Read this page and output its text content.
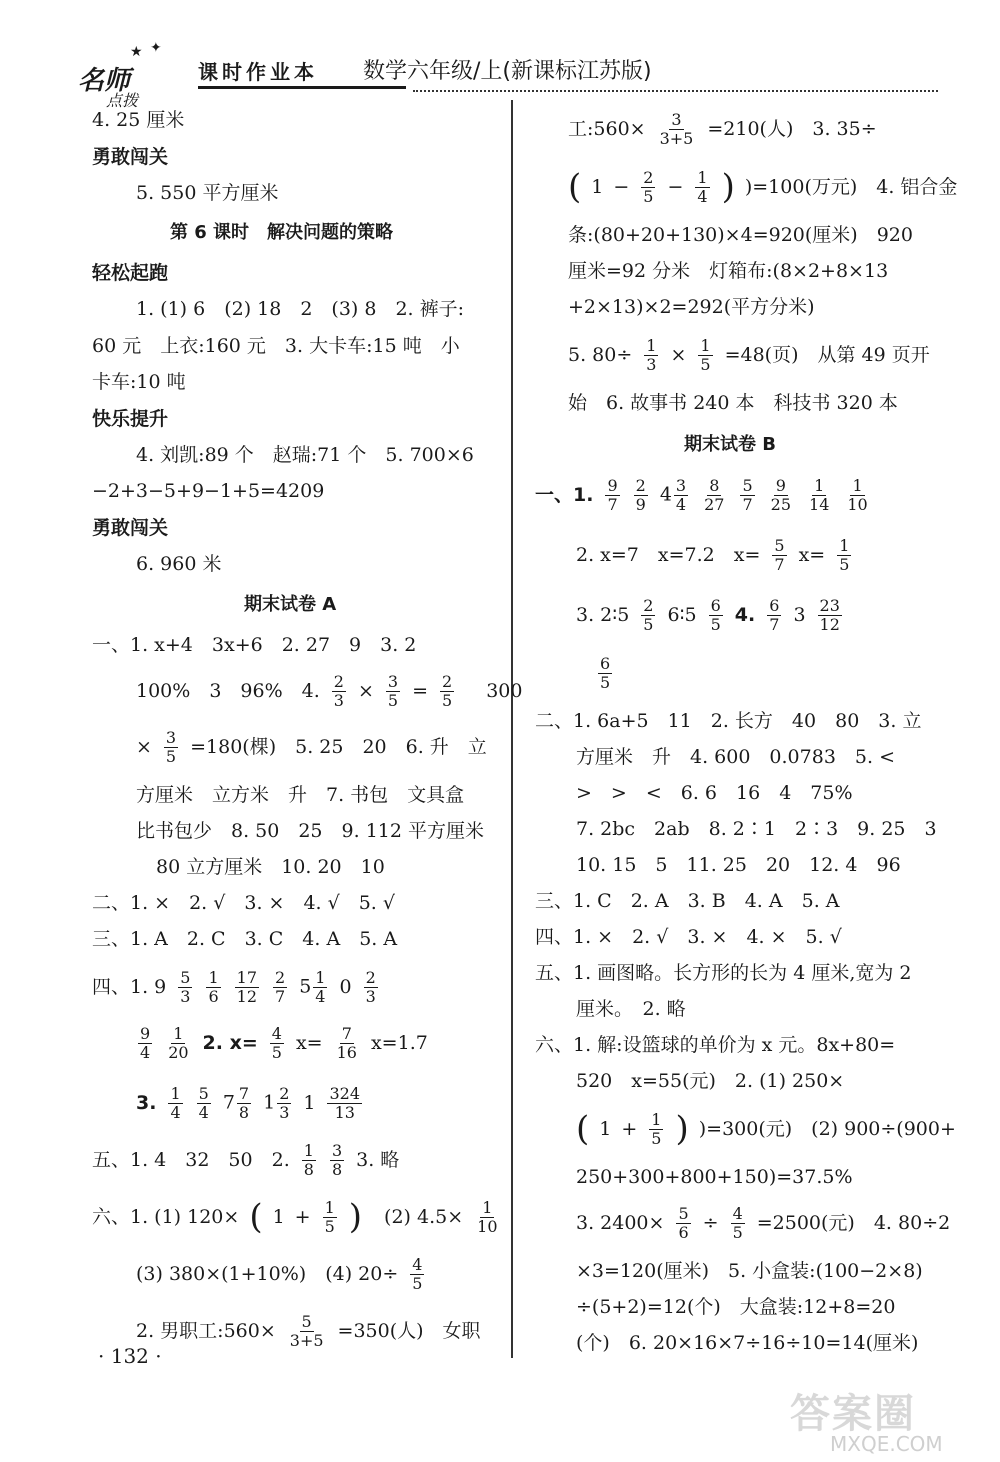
★ ✦
名师
点拨
课时作业本 数学六年级/上(新课标江苏版)
4. 25 厘米
勇敢闯关
5. 550 平方厘米
第 6 课时　解决问题的策略
轻松起跑
1. (1) 6　(2) 18　2　(3) 8　2. 裤子:
60 元　上衣:160 元　3. 大卡车:15 吨　小
卡车:10 吨
快乐提升
4. 刘凯:89 个　赵瑞:71 个　5. 700×6
−2+3−5+9−1+5=4209
勇敢闯关
6. 960 米
期末试卷 A
一、1. x+4　3x+6　2. 27　9　3. 2
100%　3　96%　4. $\frac{2}{3} \times \frac{3}{5} = \frac{2}{5} 300$
× $\frac{3}{5} =180$(棵)　5. 25　20　6. 升　立
方厘米　立方米　升　7. 书包　文具盒
比书包少　8. 50　25　9. 112 平方厘米
80 立方厘米　10. 20　10
二、1. ×　2. √　3. ×　4. √　5. √
三、1. A　2. C　3. C　4. A　5. A
四、1. $9 \frac{5}{3} \frac{1}{6} \frac{17}{12} \frac{2}{7} 5 \frac{1}{4} 0 \frac{2}{3}$
$\frac{9}{4} \frac{1}{20} 2$. $x= \frac{4}{5} x= \frac{7}{16} x=1.7$
3. $\frac{1}{4} \frac{5}{4} 7 \frac{7}{8} 1 \frac{2}{3} 1 \frac{324}{13}$
五、1. 4　32　50　2. $\frac{1}{8} \frac{3}{8} 3$. 略
六、1. (1) 120× ( $1 + \frac{1}{5}$ ) (2) $4.5\times \frac{1}{10}$
(3) 380×(1+10%)　(4) $20\div \frac{4}{5}$
2. 男职工:560× $\frac{5}{3+5} =350$(人)　女职
工:560× $\frac{3}{3+5} =210$(人)　3. 35÷
( $1 - \frac{2}{5} - \frac{1}{4}$ ) )=100(万元)　4. 铝合金
条:(80+20+130)×4=920(厘米)　920
厘米=92 分米　灯箱布:(8×2+8×13
+2×13)×2=292(平方分米)
5. $80\div \frac{1}{3} \times \frac{1}{5} =48$(页)　从第 49 页开
始　6. 故事书 240 本　科技书 320 本
期末试卷 B
一、1. $\frac{9}{7} \frac{2}{9} 4 \frac{3}{4} \frac{8}{27} \frac{5}{7} \frac{9}{25} \frac{1}{14} \frac{1}{10}$
2. x=7　x=7.2　$x= \frac{5}{7} x= \frac{1}{5}$
3. 2∶5 $\frac{2}{5}$ 6∶5 $\frac{6}{5} 4$. $\frac{6}{7} 3 \frac{23}{12}$
$\frac{6}{5}$
二、1. 6a+5　11　2. 长方　40　80　3. 立
方厘米　升　4. 600　0.0783　5. <
>　>　<　6. 6　16　4　75%
7. 2bc　2ab　8. 2∶1　2∶3　9. 25　3
10. 15　5　11. 25　20　12. 4　96
三、1. C　2. A　3. B　4. A　5. A
四、1. ×　2. √　3. ×　4. ×　5. √
五、1. 画图略。长方形的长为 4 厘米,宽为 2
厘米。　2. 略
六、1. 解:设篮球的单价为 x 元。8x+80=
520　x=55(元)　2. (1) 250×
( $1 + \frac{1}{5}$ ) )=300(元)　(2) 900÷(900+
250+300+800+150)=37.5%
3. $2400\times \frac{5}{6} \div \frac{4}{5} =2500$(元)　4. 80÷2
×3=120(厘米)　5. 小盒装:(100−2×8)
÷(5+2)=12(个)　大盒装:12+8=20
(个)　6. 20×16×7÷16÷10=14(厘米)
· 132 ·
答案圈
MXQE.COM
